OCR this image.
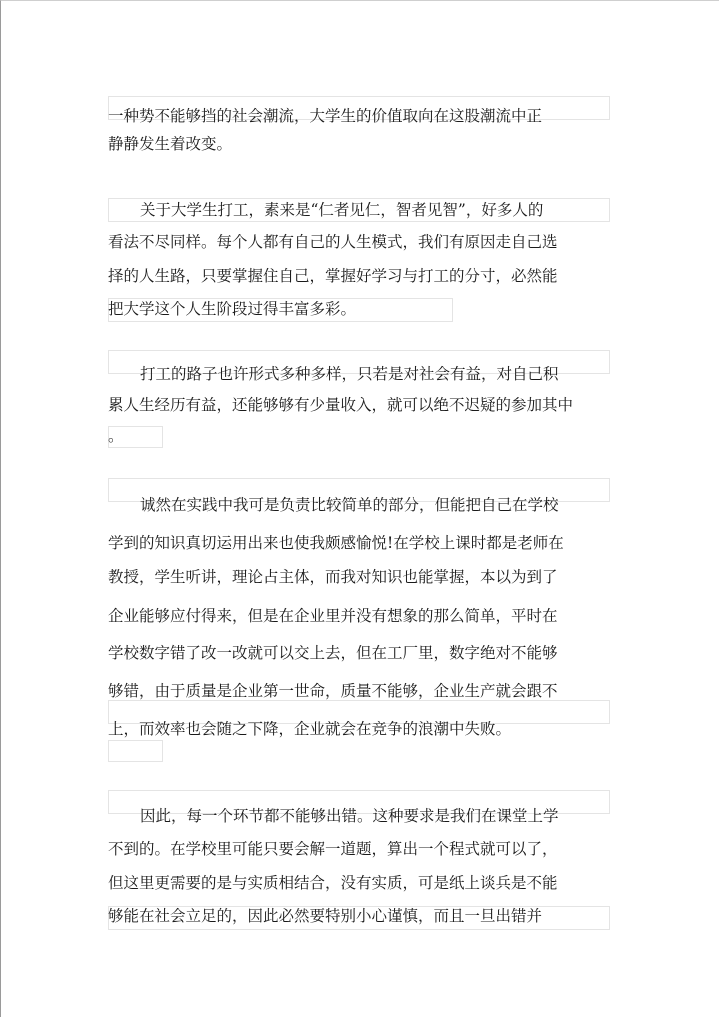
一种势不能够挡的社会潮流，大学生的价值取向在这股潮流中正
静静发生着改变。
关于大学生打工，素来是“仁者见仁，智者见智”，好多人的
看法不尽同样。每个人都有自己的人生模式，我们有原因走自己选
择的人生路，只要掌握住自己，掌握好学习与打工的分寸，必然能
把大学这个人生阶段过得丰富多彩。
打工的路子也许形式多种多样，只若是对社会有益，对自己积
累人生经历有益，还能够够有少量收入，就可以绝不迟疑的参加其中
。
诚然在实践中我可是负责比较简单的部分，但能把自己在学校
学到的知识真切运用出来也使我颇感愉悦!在学校上课时都是老师在
教授，学生听讲，理论占主体，而我对知识也能掌握，本以为到了
企业能够应付得来，但是在企业里并没有想象的那么简单，平时在
学校数字错了改一改就可以交上去，但在工厂里，数字绝对不能够
够错，由于质量是企业第一世命，质量不能够，企业生产就会跟不
上，而效率也会随之下降，企业就会在竞争的浪潮中失败。
因此，每一个环节都不能够出错。这种要求是我们在课堂上学
不到的。在学校里可能只要会解一道题，算出一个程式就可以了，
但这里更需要的是与实质相结合，没有实质，可是纸上谈兵是不能
够能在社会立足的，因此必然要特别小心谨慎，而且一旦出错并
